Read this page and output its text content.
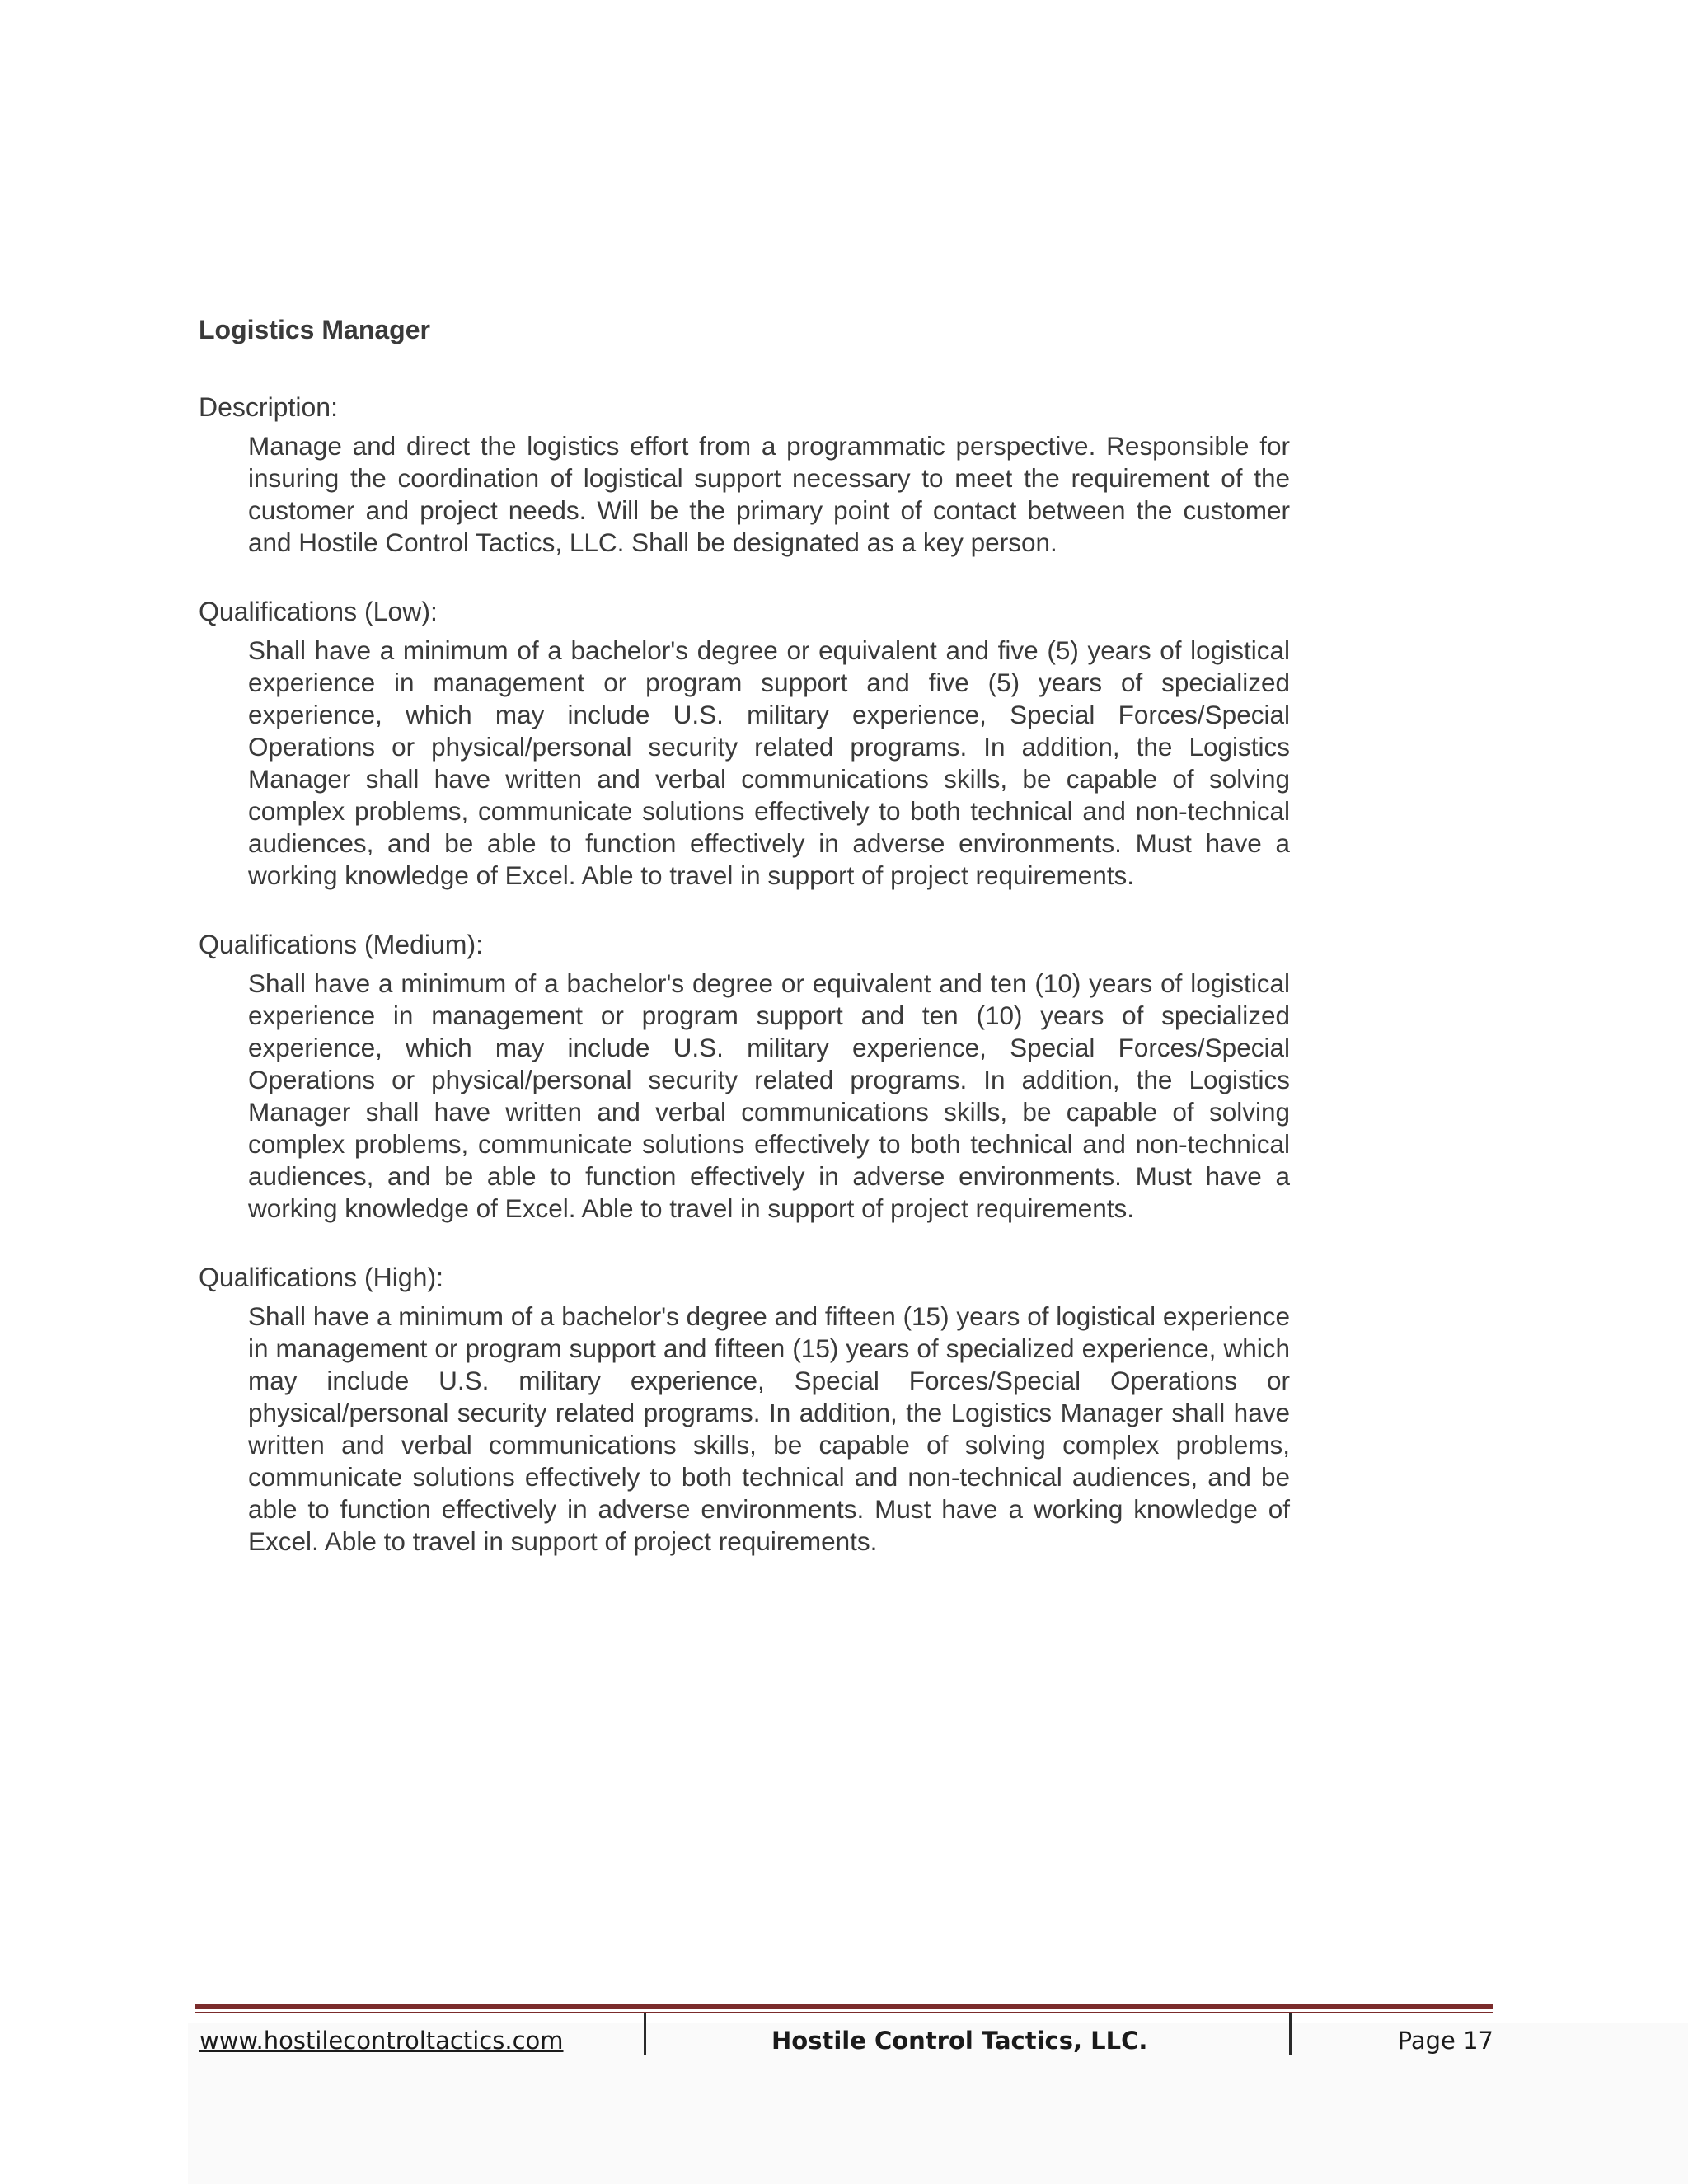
Logistics Manager
Description:
Manage and direct the logistics effort from a programmatic perspective. Responsible for insuring the coordination of logistical support necessary to meet the requirement of the customer and project needs. Will be the primary point of contact between the customer and Hostile Control Tactics, LLC. Shall be designated as a key person.
Qualifications (Low):
Shall have a minimum of a bachelor's degree or equivalent and five (5) years of logistical experience in management or program support and five (5) years of specialized experience, which may include U.S. military experience, Special Forces/Special Operations or physical/personal security related programs. In addition, the Logistics Manager shall have written and verbal communications skills, be capable of solving complex problems, communicate solutions effectively to both technical and non-technical audiences, and be able to function effectively in adverse environments. Must have a working knowledge of Excel. Able to travel in support of project requirements.
Qualifications (Medium):
Shall have a minimum of a bachelor's degree or equivalent and ten (10) years of logistical experience in management or program support and ten (10) years of specialized experience, which may include U.S. military experience, Special Forces/Special Operations or physical/personal security related programs. In addition, the Logistics Manager shall have written and verbal communications skills, be capable of solving complex problems, communicate solutions effectively to both technical and non-technical audiences, and be able to function effectively in adverse environments. Must have a working knowledge of Excel. Able to travel in support of project requirements.
Qualifications (High):
Shall have a minimum of a bachelor's degree and fifteen (15) years of logistical experience in management or program support and fifteen (15) years of specialized experience, which may include U.S. military experience, Special Forces/Special Operations or physical/personal security related programs. In addition, the Logistics Manager shall have written and verbal communications skills, be capable of solving complex problems, communicate solutions effectively to both technical and non-technical audiences, and be able to function effectively in adverse environments. Must have a working knowledge of Excel. Able to travel in support of project requirements.
www.hostilecontroltactics.com	Hostile Control Tactics, LLC.	Page 17
